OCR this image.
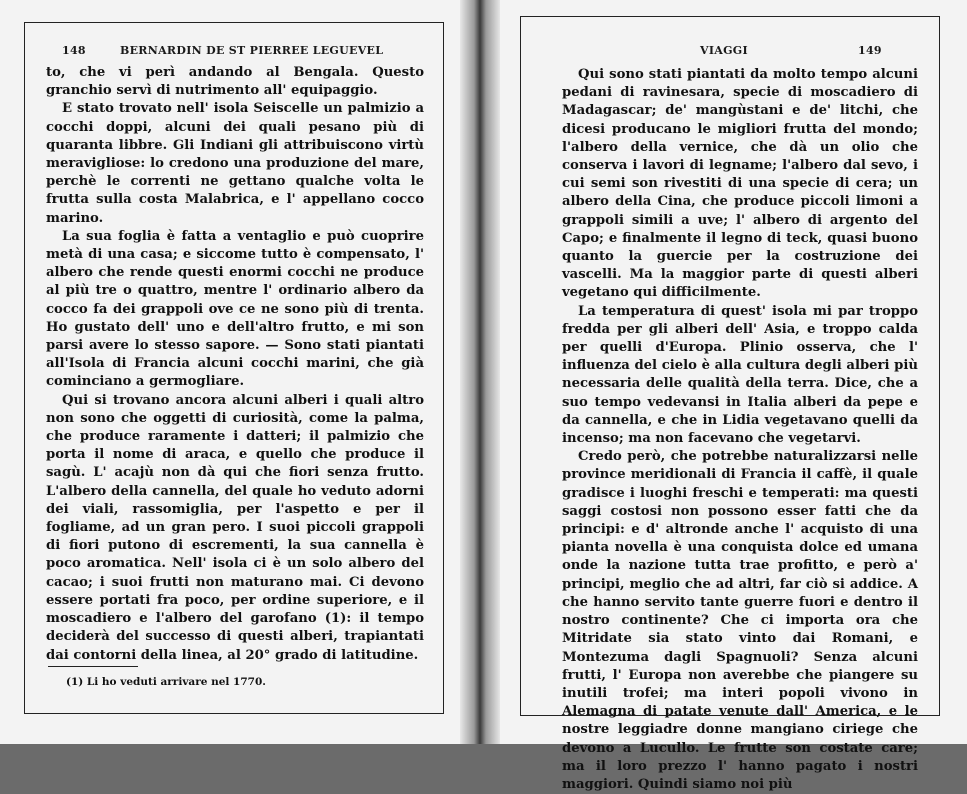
148	BERNARDIN DE ST PIERREE LEGUEVEL	VIAGGI	149

to, che vi perì andando al Bengala. Questo granchio servì di nutrimento all' equipaggio.

E stato trovato nell' isola Seiscelle un palmizio a cocchi doppi, alcuni dei quali pesano più di quaranta libbre. Gli Indiani gli attribuiscono virtù meravigliose: lo credono una produzione del mare, perchè le correnti ne gettano qualche volta le frutta sulla costa Malabrica, e l' appellano cocco marino.

La sua foglia è fatta a ventaglio e può cuoprire metà di una casa; e siccome tutto è compensato, l' albero che rende questi enormi cocchi ne produce al più tre o quattro, mentre l' ordinario albero da cocco fa dei grappoli ove ce ne sono più di trenta. Ho gustato dell' uno e dell'altro frutto, e mi son parsi avere lo stesso sapore. — Sono stati piantati all'Isola di Francia alcuni cocchi marini, che già cominciano a germogliare.

Qui si trovano ancora alcuni alberi i quali altro non sono che oggetti di curiosità, come la palma, che produce raramente i datteri; il palmizio che porta il nome di araca, e quello che produce il sagù. L' acajù non dà qui che fiori senza frutto. L'albero della cannella, del quale ho veduto adorni dei viali, rassomiglia, per l'aspetto e per il fogliame, ad un gran pero. I suoi piccoli grappoli di fiori putono di escrementi, la sua cannella è poco aromatica. Nell' isola ci è un solo albero del cacao; i suoi frutti non maturano mai. Ci devono essere portati fra poco, per ordine superiore, e il moscadiero e l'albero del garofano (1): il tempo deciderà del successo di questi alberi, trapiantati dai contorni della linea, al 20° grado di latitudine.

(1) Li ho veduti arrivare nel 1770.

Qui sono stati piantati da molto tempo alcuni pedani di ravinesara, specie di moscadiero di Madagascar; de' mangùstani e de' litchi, che dicesi producano le migliori frutta del mondo; l'albero della vernice, che dà un olio che conserva i lavori di legname; l'albero dal sevo, i cui semi son rivestiti di una specie di cera; un albero della Cina, che produce piccoli limoni a grappoli simili a uve; l' albero di argento del Capo; e finalmente il legno di teck, quasi buono quanto la guercie per la costruzione dei vascelli. Ma la maggior parte di questi alberi vegetano qui difficilmente.

La temperatura di quest' isola mi par troppo fredda per gli alberi dell' Asia, e troppo calda per quelli d'Europa. Plinio osserva, che l' influenza del cielo è alla cultura degli alberi più necessaria delle qualità della terra. Dice, che a suo tempo vedevansi in Italia alberi da pepe e da cannella, e che in Lidia vegetavano quelli da incenso; ma non facevano che vegetarvi.

Credo però, che potrebbe naturalizzarsi nelle province meridionali di Francia il caffè, il quale gradisce i luoghi freschi e temperati: ma questi saggi costosi non possono esser fatti che da principi: e d' altronde anche l' acquisto di una pianta novella è una conquista dolce ed umana onde la nazione tutta trae profitto, e però a' principi, meglio che ad altri, far ciò si addice. A che hanno servito tante guerre fuori e dentro il nostro continente? Che ci importa ora che Mitridate sia stato vinto dai Romani, e Montezuma dagli Spagnuoli? Senza alcuni frutti, l' Europa non averebbe che piangere su inutili trofei; ma interi popoli vivono in Alemagna di patate venute dall' America, e le nostre leggiadre donne mangiano ciriege che devono a Lucullo. Le frutte son costate care; ma il loro prezzo l' hanno pagato i nostri maggiori. Quindi siamo noi più
